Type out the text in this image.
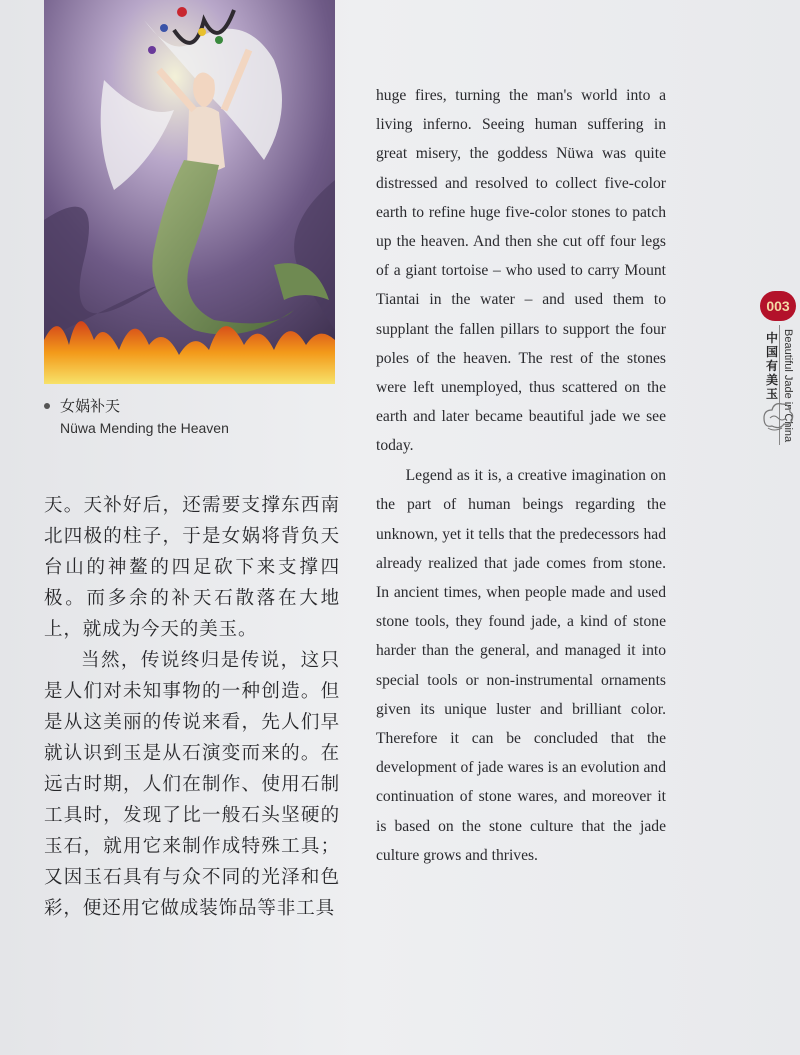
女娲补天
Nüwa Mending the Heaven

天。天补好后，还需要支撑东西南北四极的柱子，于是女娲将背负天台山的神鳌的四足砍下来支撑四极。而多余的补天石散落在大地上，就成为今天的美玉。

当然，传说终归是传说，这只是人们对未知事物的一种创造。但是从这美丽的传说来看，先人们早就认识到玉是从石演变而来的。在远古时期，人们在制作、使用石制工具时，发现了比一般石头坚硬的玉石，就用它来制作成特殊工具；又因玉石具有与众不同的光泽和色彩，便还用它做成装饰品等非工具

huge fires, turning the man's world into a living inferno. Seeing human suffering in great misery, the goddess Nüwa was quite distressed and resolved to collect five-color earth to refine huge five-color stones to patch up the heaven. And then she cut off four legs of a giant tortoise – who used to carry Mount Tiantai in the water – and used them to supplant the fallen pillars to support the four poles of the heaven. The rest of the stones were left unemployed, thus scattered on the earth and later became beautiful jade we see today.

Legend as it is, a creative imagination on the part of human beings regarding the unknown, yet it tells that the predecessors had already realized that jade comes from stone. In ancient times, when people made and used stone tools, they found jade, a kind of stone harder than the general, and managed it into special tools or non-instrumental ornaments given its unique luster and brilliant color. Therefore it can be concluded that the development of jade wares is an evolution and continuation of stone wares, and moreover it is based on the stone culture that the jade culture grows and thrives.

003
中国有美玉 Beautiful Jade in China
